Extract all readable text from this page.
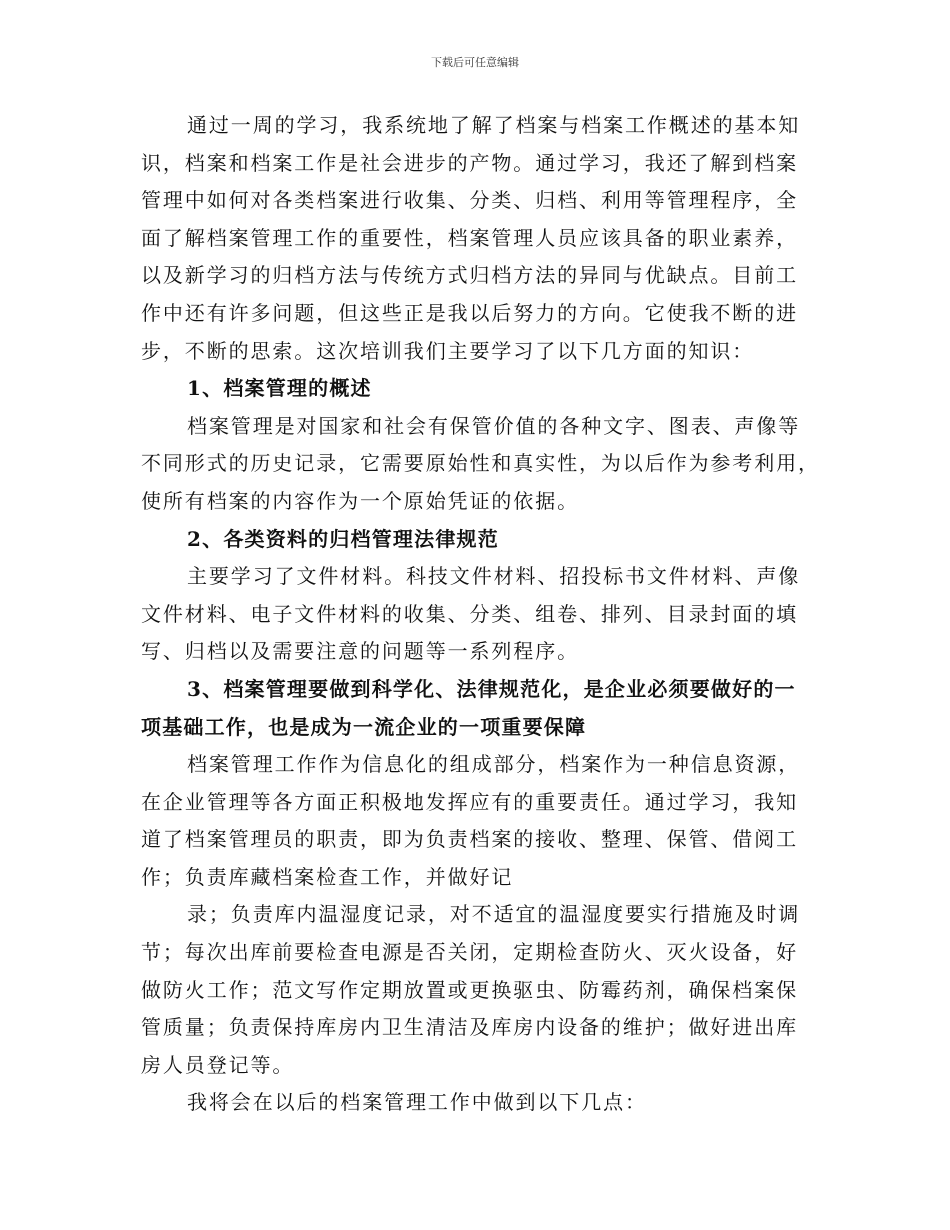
下载后可任意编辑
通过一周的学习，我系统地了解了档案与档案工作概述的基本知
识，档案和档案工作是社会进步的产物。通过学习，我还了解到档案
管理中如何对各类档案进行收集、分类、归档、利用等管理程序，全
面了解档案管理工作的重要性，档案管理人员应该具备的职业素养，
以及新学习的归档方法与传统方式归档方法的异同与优缺点。目前工
作中还有许多问题，但这些正是我以后努力的方向。它使我不断的进
步，不断的思索。这次培训我们主要学习了以下几方面的知识：
1、档案管理的概述
档案管理是对国家和社会有保管价值的各种文字、图表、声像等
不同形式的历史记录，它需要原始性和真实性，为以后作为参考利用，
使所有档案的内容作为一个原始凭证的依据。
2、各类资料的归档管理法律规范
主要学习了文件材料。科技文件材料、招投标书文件材料、声像
文件材料、电子文件材料的收集、分类、组卷、排列、目录封面的填
写、归档以及需要注意的问题等一系列程序。
3、档案管理要做到科学化、法律规范化，是企业必须要做好的一
项基础工作，也是成为一流企业的一项重要保障
档案管理工作作为信息化的组成部分，档案作为一种信息资源，
在企业管理等各方面正积极地发挥应有的重要责任。通过学习，我知
道了档案管理员的职责，即为负责档案的接收、整理、保管、借阅工
作；负责库藏档案检查工作，并做好记
录；负责库内温湿度记录，对不适宜的温湿度要实行措施及时调
节；每次出库前要检查电源是否关闭，定期检查防火、灭火设备，好
做防火工作；范文写作定期放置或更换驱虫、防霉药剂，确保档案保
管质量；负责保持库房内卫生清洁及库房内设备的维护；做好进出库
房人员登记等。
我将会在以后的档案管理工作中做到以下几点：
